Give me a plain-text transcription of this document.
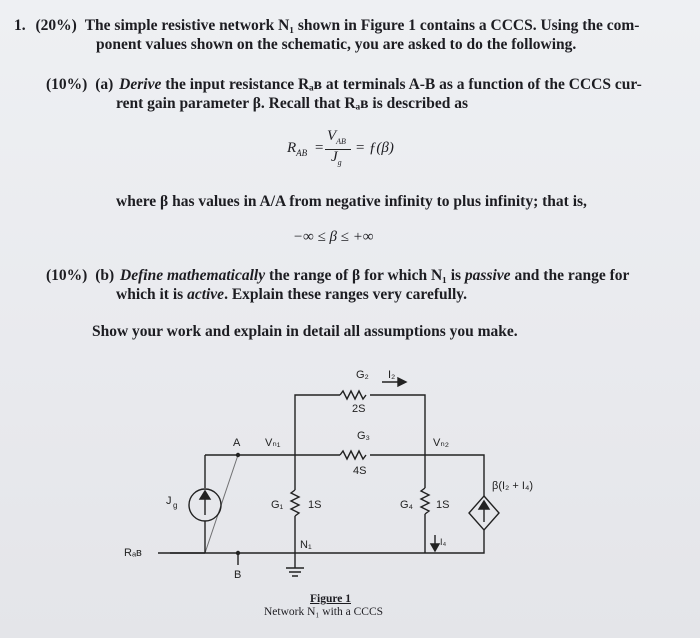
1. (20%) The simple resistive network N₁ shown in Figure 1 contains a CCCS. Using the com-
ponent values shown on the schematic, you are asked to do the following.
(10%) (a) Derive the input resistance Rₐʙ at terminals A-B as a function of the CCCS cur-
rent gain parameter β. Recall that Rₐʙ is described as
$R_{AB}$ =
$V_{AB}$
$J_g$
= ƒ(β)
where β has values in A/A from negative infinity to plus infinity; that is,
−∞ ≤ β ≤ +∞
(10%) (b) Define mathematically the range of β for which N₁ is passive and the range for
which it is active. Explain these ranges very carefully.
Show your work and explain in detail all assumptions you make.
G₂ I₂
2S
G₃
4S
A Vₙ₁	Vₙ₂
J g	G₁ 1S	G₄ 1S
β(I₂ + I₄)
I₄
N₁
Rₐʙ
B
Figure 1
Network N₁ with a CCCS
